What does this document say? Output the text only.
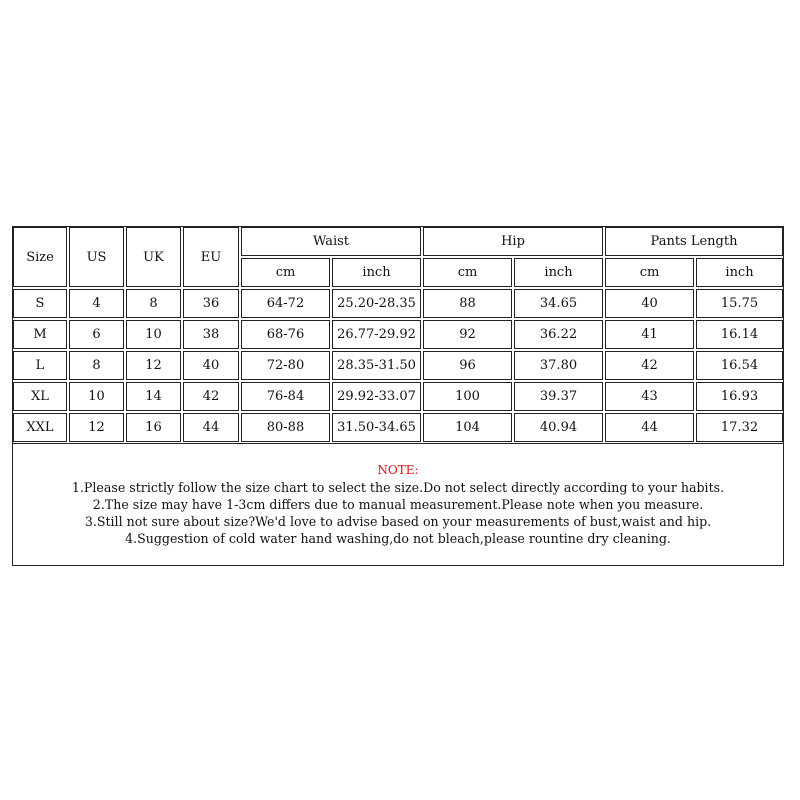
Size	US	UK	EU
Waist	Hip	Pants Length
cm	inch	cm	inch	cm	inch
S	4	8	36	64-72	25.20-28.35	88	34.65	40	15.75
M	6	10	38	68-76	26.77-29.92	92	36.22	41	16.14
L	8	12	40	72-80	28.35-31.50	96	37.80	42	16.54
XL	10	14	42	76-84	29.92-33.07	100	39.37	43	16.93
XXL	12	16	44	80-88	31.50-34.65	104	40.94	44	17.32
NOTE:
1.Please strictly follow the size chart to select the size.Do not select directly according to your habits.
2.The size may have 1-3cm differs due to manual measurement.Please note when you measure.
3.Still not sure about size?We'd love to advise based on your measurements of bust,waist and hip.
4.Suggestion of cold water hand washing,do not bleach,please rountine dry cleaning.
